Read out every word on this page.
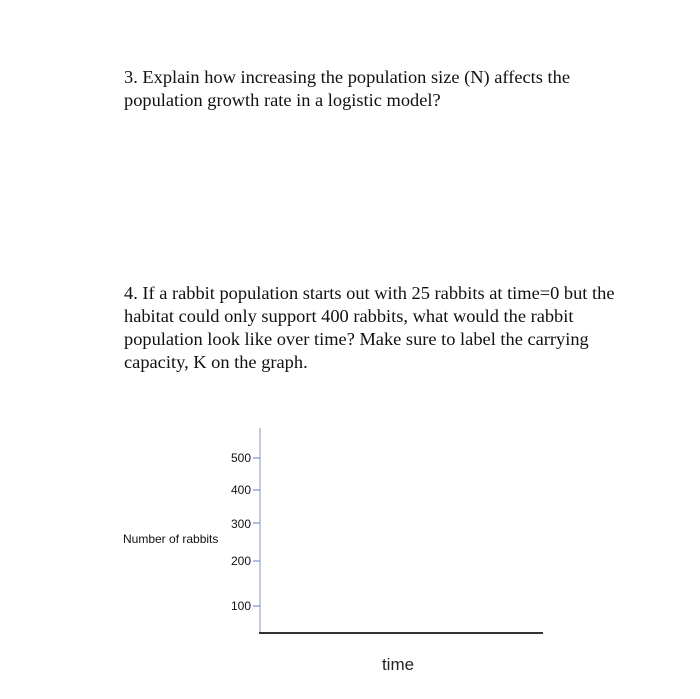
3. Explain how increasing the population size (N) affects the population growth rate in a logistic model?

4. If a rabbit population starts out with 25 rabbits at time=0 but the habitat could only support 400 rabbits, what would the rabbit population look like over time? Make sure to label the carrying capacity, K on the graph.

500
400
300
200
100
Number of rabbits
time
